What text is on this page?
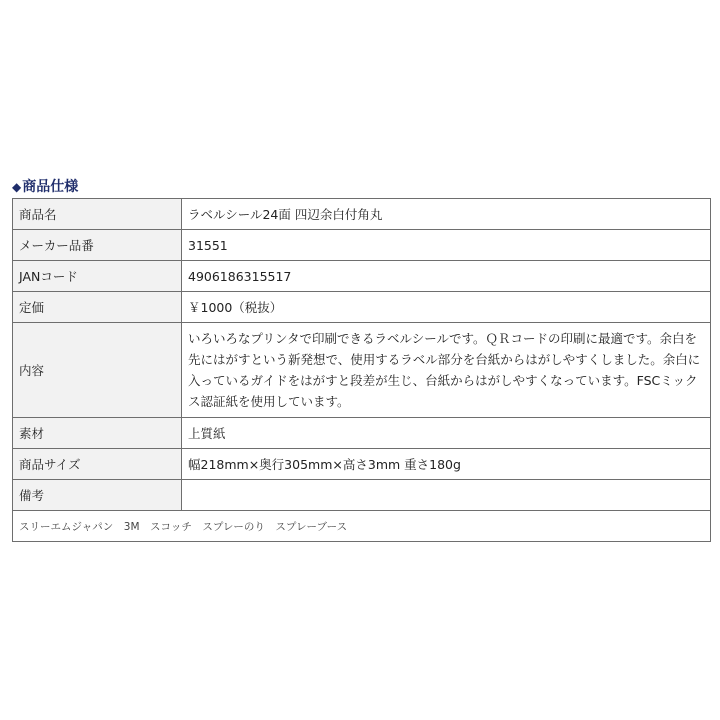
◆ 商品仕様
商品名	ラベルシール24面 四辺余白付角丸
メーカー品番	31551
JANコード	4906186315517
定価	￥1000（税抜）
内容	いろいろなプリンタで印刷できるラベルシールです。ＱＲコードの印刷に最適です。余白を先にはがすという新発想で、使用するラベル部分を台紙からはがしやすくしました。余白に入っているガイドをはがすと段差が生じ、台紙からはがしやすくなっています。FSCミックス認証紙を使用しています。
素材	上質紙
商品サイズ	幅218mm×奥行305mm×高さ3mm 重さ180g
備考	
スリーエムジャパン　3M　スコッチ　スプレーのり　スプレーブース	
